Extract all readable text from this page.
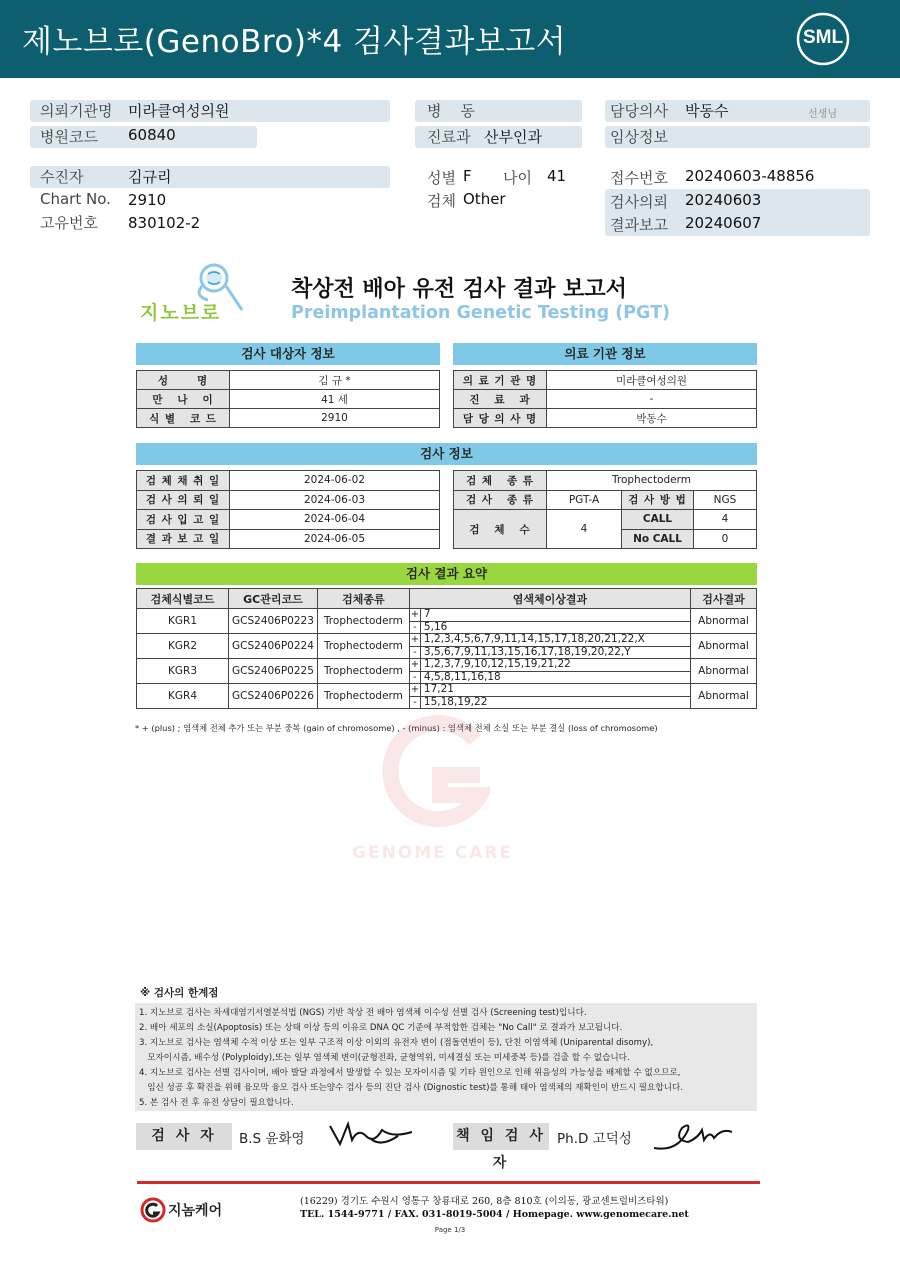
제노브로(GenoBro)*4 검사결과보고서	SML
의뢰기관명 미라클여성의원
병원코드 60840
수진자	김규리
Chart No. 2910
고유번호 830102-2
병    동
진료과 산부인과
성별 F 나이 41
검체 Other
담당의사 박동수	선생님
임상정보
접수번호 20240603-48856
검사의뢰 20240603
결과보고 20240607
지노브로
착상전 배아 유전 검사 결과 보고서
Preimplantation Genetic Testing (PGT)
검사 대상자 정보
성      명	김 규 *
만   나   이	41 세
식 별   코 드	2910
의료 기관 정보
의 료 기 관 명	미라클여성의원
진   료   과	-
담 당 의 사 명	박동수
검사 정보
검 체 채 취 일	2024-06-02
검 사 의 뢰 일	2024-06-03
검 사 입 고 일	2024-06-04
결 과 보 고 일	2024-06-05
검 체   종 류	Trophectoderm		
검 사   종 류	PGT-A	검 사 방 법	NGS
검   체   수	4	CALL	4
		No CALL	0
검사 결과 요약
검체식별코드	GC관리코드	검체종류	염색체이상결과		검사결과
KGR1	GCS2406P0223	Trophectoderm	+	7	Abnormal
			-	5,16	
KGR2	GCS2406P0224	Trophectoderm	+	1,2,3,4,5,6,7,9,11,14,15,17,18,20,21,22,X	Abnormal
			-	3,5,6,7,9,11,13,15,16,17,18,19,20,22,Y	
KGR3	GCS2406P0225	Trophectoderm	+	1,2,3,7,9,10,12,15,19,21,22	Abnormal
			-	4,5,8,11,16,18	
KGR4	GCS2406P0226	Trophectoderm	+	17,21	Abnormal
			-	15,18,19,22	
* + (plus) ; 염색체 전체 추가 또는 부분 중복 (gain of chromosome) , - (minus) : 염색체 전체 소실 또는 부분 결실 (loss of chromosome)
GENOME CARE
※ 검사의 한계점
1. 지노브로 검사는 차세대염기서열분석법 (NGS) 기반 착상 전 배아 염색체 이수성 선별 검사 (Screening test)입니다.
2. 배아 세포의 소실(Apoptosis) 또는 상태 이상 등의 이유로 DNA QC 기준에 부적합한 검체는 "No Call" 로 결과가 보고됩니다.
3. 지노브로 검사는 염색체 수적 이상 또는 일부 구조적 이상 이외의 유전자 변이 (점돌연변이 등), 단친 이염색체 (Uniparental disomy),
모자이시즘, 배수성 (Polyploidy),또는 일부 염색체 변이(균형전좌, 균형역위, 미세결실 또는 미세중복 등)를 검출 할 수 없습니다.
4. 지노브로 검사는 선별 검사이며, 배아 발달 과정에서 발생할 수 있는 모자이시즘 및 기타 원인으로 인해 위음성의 가능성을 배제할 수 없으므로,
임신 성공 후 확진을 위해 융모막 융모 검사 또는양수 검사 등의 진단 검사 (Dignostic test)를 통해 태아 염색체의 재확인이 반드시 필요합니다.
5. 본 검사 전 후 유전 상담이 필요합니다.
검 사 자	B.S 윤화영	책 임 검 사 자
Ph.D 고덕성
지놈케어
(16229) 경기도 수원시 영통구 창룡대로 260, 8층 810호 (이의동, 광교센트럴비즈타워)
TEL. 1544-9771 / FAX. 031-8019-5004 / Homepage. www.genomecare.net
Page 1/3
